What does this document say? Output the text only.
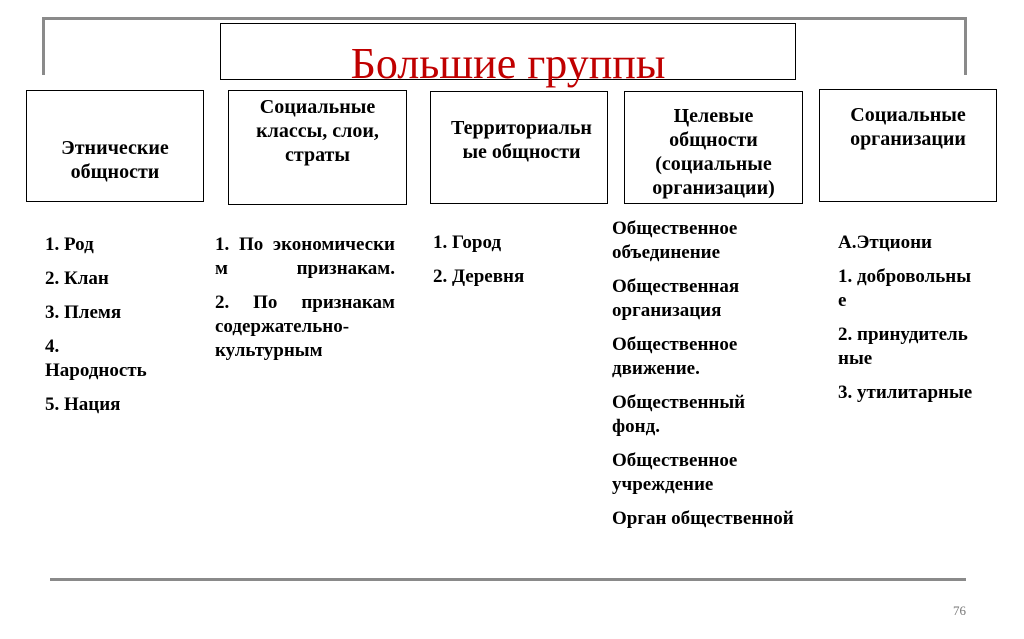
Большие группы
Этнические общности
Социальные классы, слои, страты
Территориальные общности
Целевые общности (социальные организации)
Социальные организации

1. Род

2. Клан

3. Племя

4. Народность

5. Нация

1. По экономическим признакам.

2. По признакам содержательно-культурным

1. Город

2. Деревня

Общественное объединение

Общественная организация

Общественное движение.

Общественный фонд.

Общественное учреждение

Орган общественной

А.Этциони

1. добровольные

2. принудительные

3. утилитарные

76
